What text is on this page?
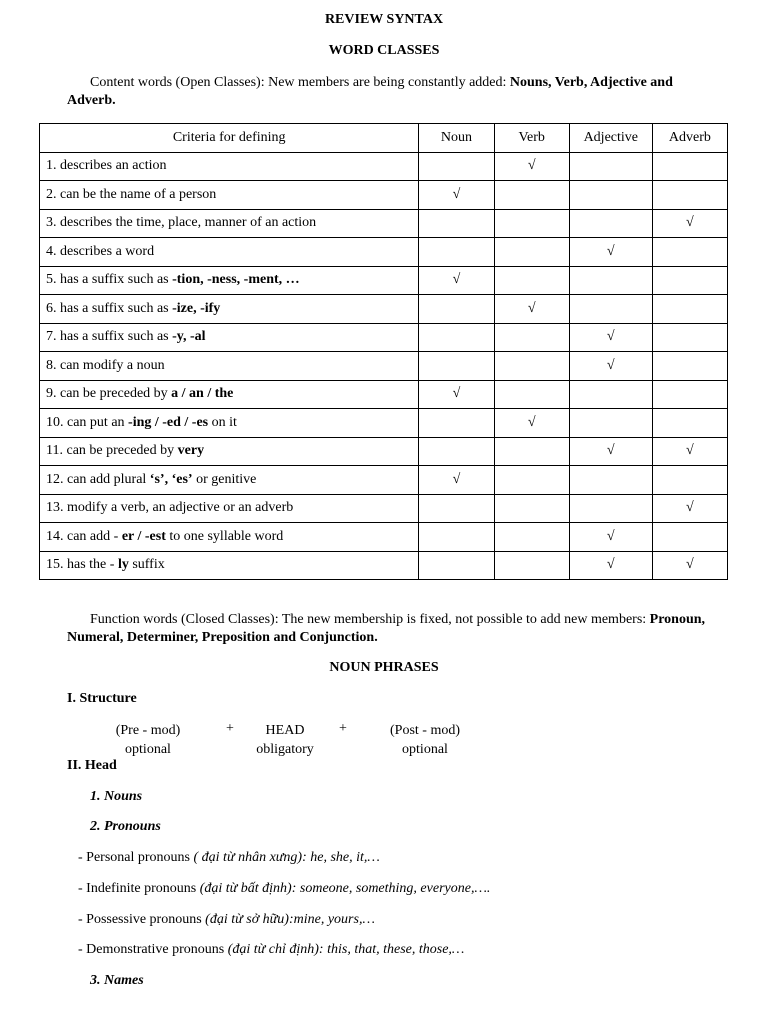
REVIEW SYNTAX
WORD CLASSES
Content words (Open Classes): New members are being constantly added: Nouns, Verb, Adjective and Adverb.
Criteria for defining	Noun	Verb	Adjective	Adverb
1. describes an action		√		
2. can be the name of a person	√			
3. describes the time, place, manner of an action				√
4. describes a word			√	
5. has a suffix such as -tion, -ness, -ment, …	√			
6. has a suffix such as -ize, -ify		√		
7. has a suffix such as -y, -al			√	
8. can modify a noun			√	
9. can be preceded by a / an / the	√			
10. can put an -ing / -ed / -es on it		√		
11. can be preceded by very			√	√
12. can add plural ‘s’, ‘es’ or genitive	√			
13. modify a verb, an adjective or an adverb				√
14. can add - er / -est to one syllable word			√	
15. has the - ly suffix			√	√
Function words (Closed Classes): The new membership is fixed, not possible to add new members: Pronoun, Numeral, Determiner, Preposition and Conjunction.
NOUN PHRASES
I. Structure
(Pre - mod)
optional
+	HEAD
obligatory
+	(Post - mod)
optional
II. Head
1. Nouns
2. Pronouns
- Personal pronouns ( đại từ nhân xưng): he, she, it,…
- Indefinite pronouns (đại từ bất định): someone, something, everyone,….
- Possessive pronouns (đại từ sở hữu):mine, yours,…
- Demonstrative pronouns (đại từ chỉ định): this, that, these, those,…
3. Names
